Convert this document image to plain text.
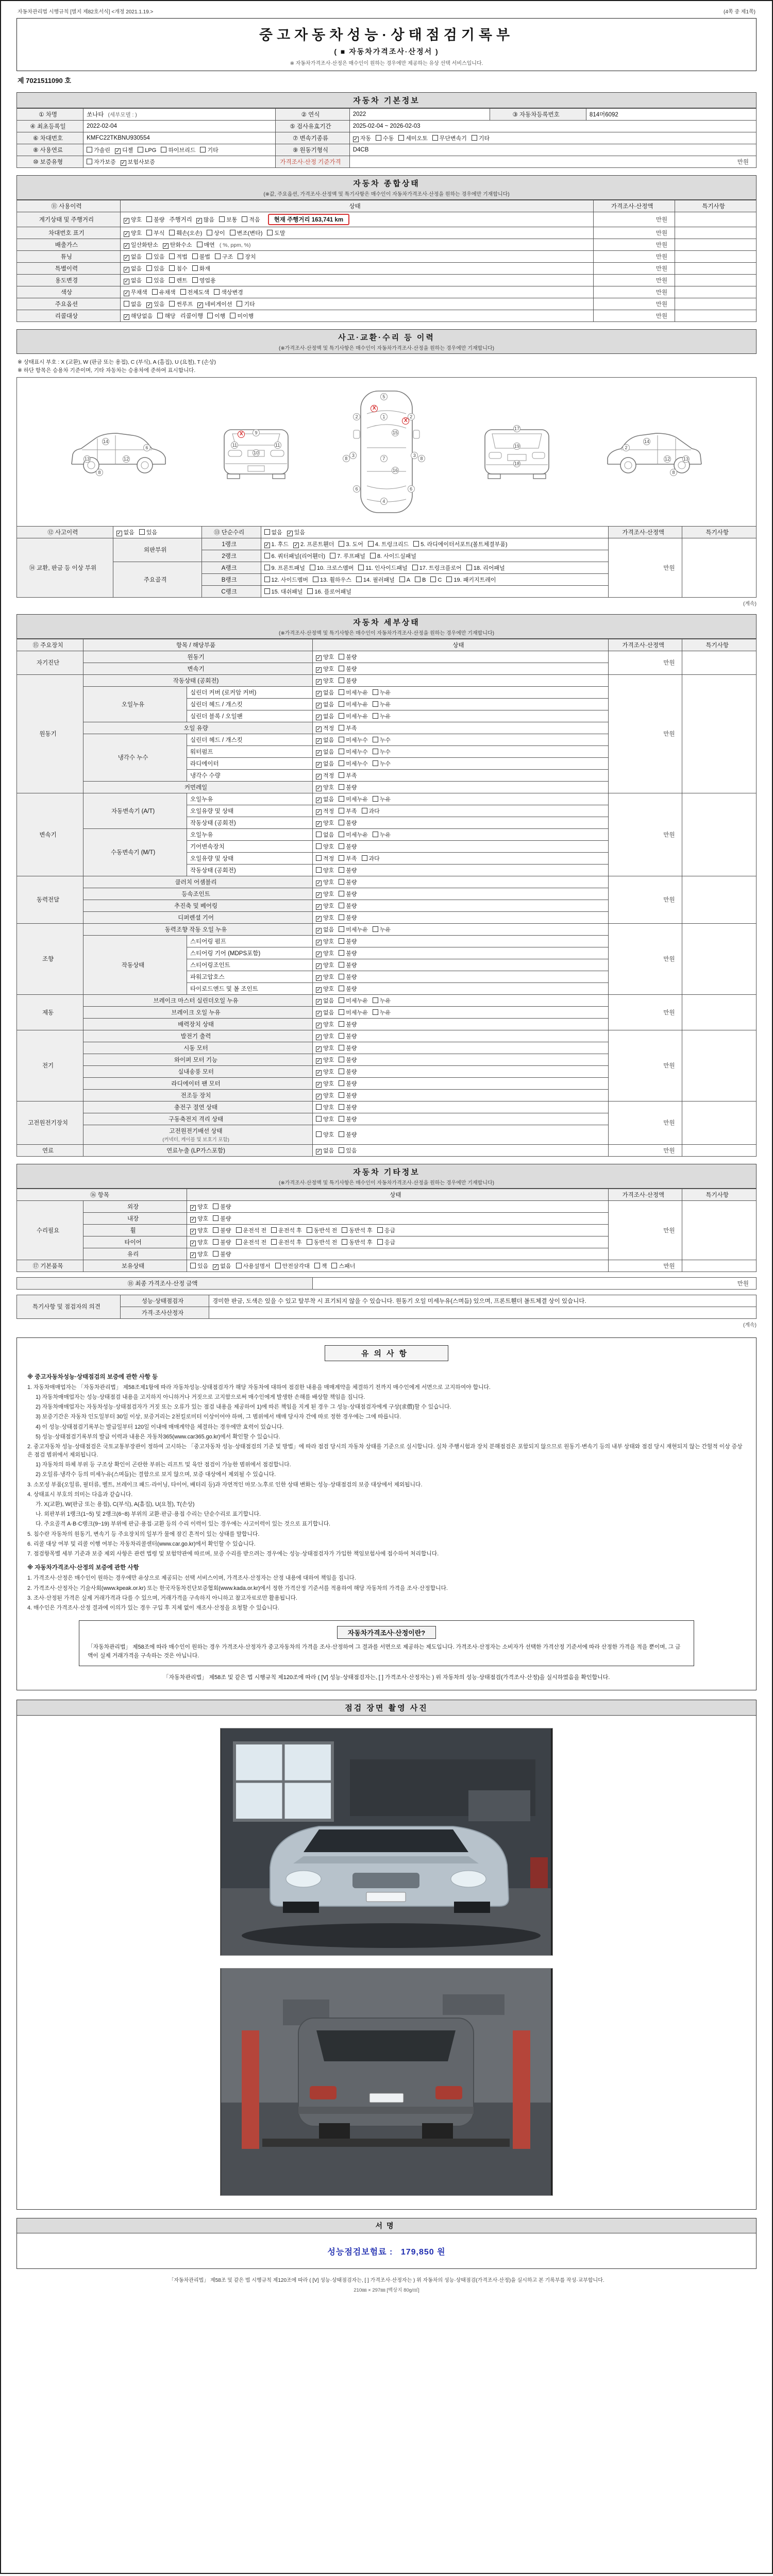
자동차관리법 시행규칙 [별지 제82호서식] <개정 2021.1.19.>	(4쪽 중 제1쪽)
중고자동차성능·상태점검기록부
( ■ 자동차가격조사·산정서 )
※ 자동차가격조사·산정은 매수인이 원하는 경우에만 제공하는 유상 선택 서비스입니다.
제 7021511090 호
자동차 기본정보
① 차명	쏘나타 (세부모델 : )	② 연식	2022	③ 자동차등록번호	814머6092
④ 최초등록일	2022-02-04	⑤ 검사유효기간	2025-02-04 ~ 2026-02-03		
⑥ 차대번호	KMFC22TKBNU930554	⑦ 변속기종류	✓ 자동 수동 세미오토 무단변속기 기타		
⑧ 사용연료	가솔린 ✓ 디젤 LPG 하이브리드 기타	⑨ 원동기형식	D4CB		
⑩ 보증유형	자가보증 ✓ 보험사보증	가격조사·산정 기준가격	만원		
자동차 종합상태
(※값, 주요옵션, 가격조사·산정액 및 특기사항은 매수인이 자동차가격조사·산정을 원하는 경우에만 기재합니다)
⑪ 사용이력	상태	가격조사·산정액	특기사항
계기상태 및 주행거리	✓ 양호 불량 주행거리 ✓ 많음 보통 적음 현재 주행거리 163,741 km	만원	
차대번호 표기	✓ 양호 부식 훼손(오손) 상이 변조(변타) 도말	만원	
배출가스	✓ 일산화탄소 ✓ 탄화수소 매연 ( %, ppm, %)	만원	
튜닝	✓ 없음 있음 적법 불법 구조 장치	만원	
특별이력	✓ 없음 있음 침수 화재	만원	
용도변경	✓ 없음 있음 렌트 영업용	만원	
색상	✓ 무채색 유채색 전체도색 색상변경	만원	
주요옵션	없음 ✓ 있음 썬루프 ✓ 네비게이션 기타	만원	
리콜대상	✓ 해당없음 해당 리콜이행 이행 미이행	만원	
사고·교환·수리 등 이력
(※가격조사·산정액 및 특기사항은 매수인이 자동차가격조사·산정을 원하는 경우에만 기재합니다)
※ 상태표시 부호 : X (교환), W (판금 또는 용접), C (부식), A (흠집), U (요철), T (손상)
※ 하단 항목은 승용차 기준이며, 기타 자동차는 승용차에 준하여 표시합니다.
13
14
12
6
8
9
10
11	11
X
5
1
7
4
2	2
3	3
6	6
8	8
15
16
X
X
17
19
18
2
14
12	13
8
⑫ 사고이력	✓ 없음 있음	⑬ 단순수리	없음 ✓ 있음	가격조사·산정액	특기사항
⑭ 교환, 판금 등 이상 부위	외판부위	1랭크	✓ 1. 후드 ✓ 2. 프론트휀더 3. 도어 4. 트렁크리드 5. 라디에이터서포트(볼트체결부품)	만원	
		2랭크	6. 쿼터패널(리어휀더) 7. 루프패널 8. 사이드실패널		
	주요골격	A랭크	9. 프론트패널 10. 크로스멤버 11. 인사이드패널 17. 트렁크플로어 18. 리어패널		
		B랭크	12. 사이드멤버 13. 휠하우스 14. 필러패널 A B C 19. 패키지트레이		
		C랭크	15. 대쉬패널 16. 플로어패널		
(계속)
자동차 세부상태
(※가격조사·산정액 및 특기사항은 매수인이 자동차가격조사·산정을 원하는 경우에만 기재합니다)
⑮ 주요장치	항목 / 해당부품		상태	가격조사·산정액	특기사항
자기진단	원동기		✓ 양호 불량	만원	
	변속기		✓ 양호 불량		
원동기	작동상태 (공회전)		✓ 양호 불량	만원	
	오일누유	실린더 커버 (로커암 커버)	✓ 없음 미세누유 누유		
		실린더 헤드 / 개스킷	✓ 없음 미세누유 누유		
		실린더 블록 / 오일팬	✓ 없음 미세누유 누유		
	오일 유량		✓ 적정 부족		
	냉각수 누수	실린더 헤드 / 개스킷	✓ 없음 미세누수 누수		
		워터펌프	✓ 없음 미세누수 누수		
		라디에이터	✓ 없음 미세누수 누수		
		냉각수 수량	✓ 적정 부족		
	커먼레일		✓ 양호 불량		
변속기	자동변속기 (A/T)	오일누유	✓ 없음 미세누유 누유	만원	
		오일유량 및 상태	✓ 적정 부족 과다		
		작동상태 (공회전)	✓ 양호 불량		
	수동변속기 (M/T)	오일누유	없음 미세누유 누유		
		기어변속장치	양호 불량		
		오일유량 및 상태	적정 부족 과다		
		작동상태 (공회전)	양호 불량		
동력전달	클러치 어셈블리		✓ 양호 불량	만원	
	등속조인트		✓ 양호 불량		
	추진축 및 베어링		✓ 양호 불량		
	디퍼렌셜 기어		✓ 양호 불량		
조향	동력조향 작동 오일 누유		✓ 없음 미세누유 누유	만원	
	작동상태	스티어링 펌프	✓ 양호 불량		
		스티어링 기어 (MDPS포함)	✓ 양호 불량		
		스티어링조인트	✓ 양호 불량		
		파워고압호스	✓ 양호 불량		
		타이로드엔드 및 볼 조인트	✓ 양호 불량		
제동	브레이크 마스터 실린더오일 누유		✓ 없음 미세누유 누유	만원	
	브레이크 오일 누유		✓ 없음 미세누유 누유		
	배력장치 상태		✓ 양호 불량		
전기	발전기 출력		✓ 양호 불량	만원	
	시동 모터		✓ 양호 불량		
	와이퍼 모터 기능		✓ 양호 불량		
	실내송풍 모터		✓ 양호 불량		
	라디에이터 팬 모터		✓ 양호 불량		
	전조등 장치		✓ 양호 불량		
고전원전기장치	충전구 절연 상태		양호 불량	만원	
	구동축전지 격리 상태		양호 불량		
	고전원전기배선 상태
(커넥터, 케이블 및 보호기 포함)		양호 불량		
연료	연료누출 (LP가스포함)		✓ 없음 있음	만원	
자동차 기타정보
(※가격조사·산정액 및 특기사항은 매수인이 자동차가격조사·산정을 원하는 경우에만 기재합니다)
⑯ 항목		상태	가격조사·산정액	특기사항
수리필요	외장	✓ 양호 불량	만원	
	내장	✓ 양호 불량		
	휠	✓ 양호 불량 운전석 전 운전석 후 동반석 전 동반석 후 응급		
	타이어	✓ 양호 불량 운전석 전 운전석 후 동반석 전 동반석 후 응급		
	유리	✓ 양호 불량		
⑰ 기본품목	보유상태	있음 ✓ 없음 사용설명서 안전삼각대 잭 스패너	만원	
⑱ 최종 가격조사·산정 금액	만원
특기사항 및 점검자의 의견	성능·상태점검자	경미한 판금, 도색은 있을 수 있고 탈부착 시 표기되지 않을 수 있습니다. 원동기 오일 미세누유(스며듬) 있으며, 프론트휀더 볼트체결 상이 있습니다.
	가격·조사산정자	
(계속)
유의사항
※ 중고자동차성능·상태점검의 보증에 관한 사항 등
1. 자동차매매업자는 「자동차관리법」 제58조제1항에 따라 자동차성능·상태점검자가 해당 자동차에 대하여 점검한 내용을 매매계약을 체결하기 전까지 매수인에게 서면으로 고지하여야 합니다.
1) 자동차매매업자는 성능·상태점검 내용을 고지하지 아니하거나 거짓으로 고지함으로써 매수인에게 발생한 손해를 배상할 책임을 집니다.
2) 자동차매매업자는 자동차성능·상태점검자가 거짓 또는 오류가 있는 점검 내용을 제공하여 1)에 따른 책임을 지게 된 경우 그 성능·상태점검자에게 구상(求償)할 수 있습니다.
3) 보증기간은 자동차 인도일부터 30일 이상, 보증거리는 2천킬로미터 이상이어야 하며, 그 범위에서 매매 당사자 간에 따로 정한 경우에는 그에 따릅니다.
4) 이 성능·상태점검기록부는 발급일부터 120일 이내에 매매계약을 체결하는 경우에만 효력이 있습니다.
5) 성능·상태점검기록부의 발급 이력과 내용은 자동차365(www.car365.go.kr)에서 확인할 수 있습니다.
2. 중고자동차 성능·상태점검은 국토교통부장관이 정하여 고시하는 「중고자동차 성능·상태점검의 기준 및 방법」에 따라 점검 당시의 자동차 상태를 기준으로 실시합니다. 실차 주행시험과 장치 분해점검은 포함되지 않으므로 원동기·변속기 등의 내부 상태와 점검 당시 재현되지 않는 간헐적 이상 증상은 점검 범위에서 제외됩니다.
1) 자동차의 하체 부위 등 구조상 확인이 곤란한 부위는 리프트 및 육안 점검이 가능한 범위에서 점검합니다.
2) 오일류·냉각수 등의 미세누유(스며듬)는 결함으로 보지 않으며, 보증 대상에서 제외될 수 있습니다.
3. 소모성 부품(오일류, 필터류, 벨트, 브레이크 패드·라이닝, 타이어, 배터리 등)과 자연적인 마모·노후로 인한 상태 변화는 성능·상태점검의 보증 대상에서 제외됩니다.
4. 상태표시 부호의 의미는 다음과 같습니다.
가. X(교환), W(판금 또는 용접), C(부식), A(흠집), U(요철), T(손상)
나. 외판부위 1랭크(1~5) 및 2랭크(6~8) 부위의 교환·판금·용접 수리는 단순수리로 표기합니다.
다. 주요골격 A·B·C랭크(9~19) 부위에 판금·용접·교환 등의 수리 이력이 있는 경우에는 사고이력이 있는 것으로 표기합니다.
5. 침수란 자동차의 원동기, 변속기 등 주요장치의 일부가 물에 잠긴 흔적이 있는 상태를 말합니다.
6. 리콜 대상 여부 및 리콜 이행 여부는 자동차리콜센터(www.car.go.kr)에서 확인할 수 있습니다.
7. 점검항목별 세부 기준과 보증 제외 사항은 관련 법령 및 보험약관에 따르며, 보증 수리를 받으려는 경우에는 성능·상태점검자가 가입한 책임보험사에 접수하여 처리합니다.
※ 자동차가격조사·산정의 보증에 관한 사항
1. 가격조사·산정은 매수인이 원하는 경우에만 유상으로 제공되는 선택 서비스이며, 가격조사·산정자는 산정 내용에 대하여 책임을 집니다.
2. 가격조사·산정자는 기술사회(www.kpeak.or.kr) 또는 한국자동차진단보증협회(www.kada.or.kr)에서 정한 가격산정 기준서를 적용하여 해당 자동차의 가격을 조사·산정합니다.
3. 조사·산정된 가격은 실제 거래가격과 다를 수 있으며, 거래가격을 구속하지 아니하고 참고자료로만 활용됩니다.
4. 매수인은 가격조사·산정 결과에 이의가 있는 경우 구입 후 지체 없이 재조사·산정을 요청할 수 있습니다.
자동차가격조사·산정이란?
「자동차관리법」 제58조에 따라 매수인이 원하는 경우 가격조사·산정자가 중고자동차의 가격을 조사·산정하여 그 결과를 서면으로 제공하는 제도입니다. 가격조사·산정자는 소비자가 선택한 가격산정 기준서에 따라 산정한 가격을 적을 뿐이며, 그 금액이 실제 거래가격을 구속하는 것은 아닙니다.
「자동차관리법」 제58조 및 같은 법 시행규칙 제120조에 따라 ( [V] 성능·상태점검자는, [ ] 가격조사·산정자는 ) 위 자동차의 성능·상태점검(가격조사·산정)을 실시하였음을 확인합니다.
점검 장면 촬영 사진
서명
성능점검보험료 : 179,850 원
「자동차관리법」 제58조 및 같은 법 시행규칙 제120조에 따라 ( [V] 성능·상태점검자는, [ ] 가격조사·산정자는 ) 위 자동차의 성능·상태점검(가격조사·산정)을 실시하고 본 기록부를 작성·교부합니다.
210㎜ × 297㎜ [백상지 80g/㎡]
